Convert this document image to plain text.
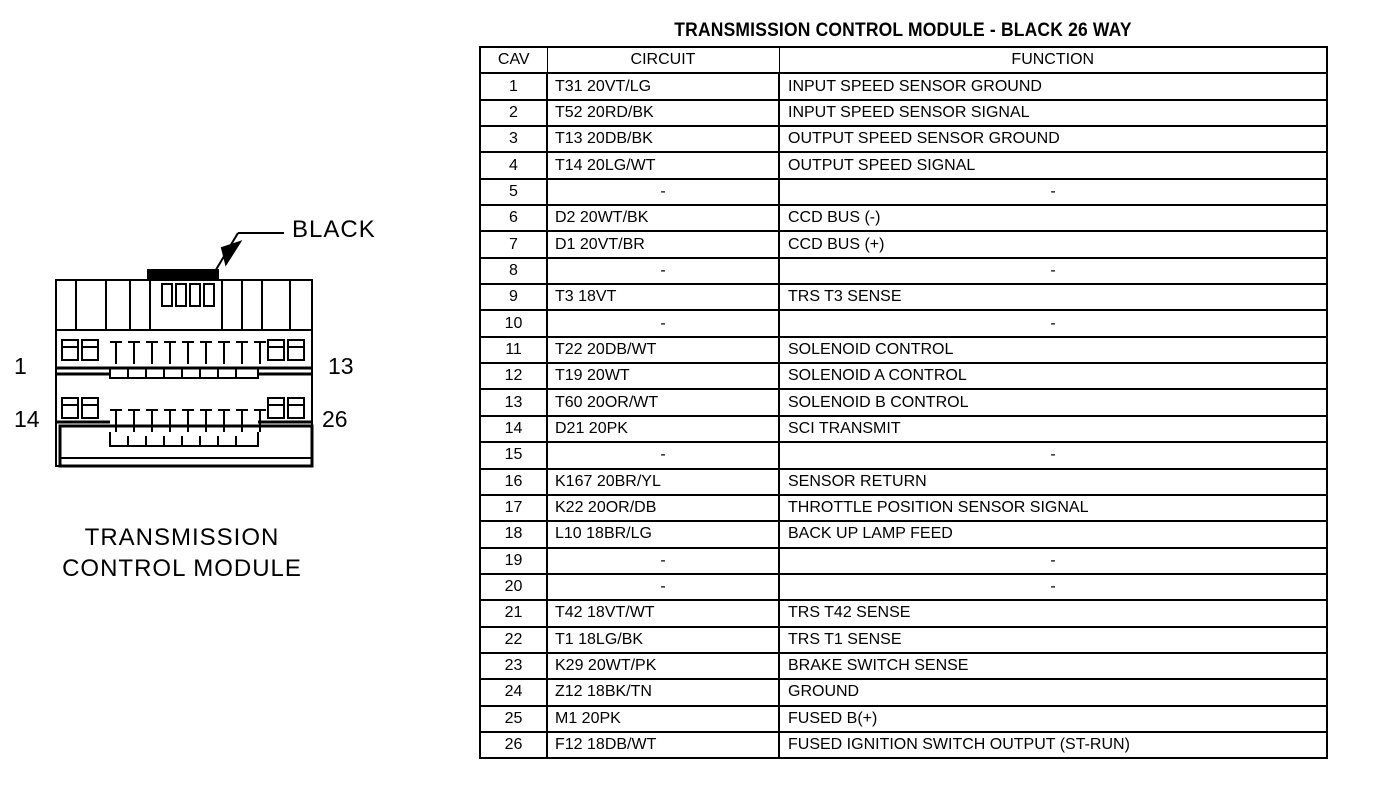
BLACK
1	13
14	26
TRANSMISSION
CONTROL MODULE
TRANSMISSION CONTROL MODULE - BLACK 26 WAY
CAV	CIRCUIT	FUNCTION
1	T31 20VT/LG	INPUT SPEED SENSOR GROUND
2	T52 20RD/BK	INPUT SPEED SENSOR SIGNAL
3	T13 20DB/BK	OUTPUT SPEED SENSOR GROUND
4	T14 20LG/WT	OUTPUT SPEED SIGNAL
5	-	-
6	D2 20WT/BK	CCD BUS (-)
7	D1 20VT/BR	CCD BUS (+)
8	-	-
9	T3 18VT	TRS T3 SENSE
10	-	-
11	T22 20DB/WT	SOLENOID CONTROL
12	T19 20WT	SOLENOID A CONTROL
13	T60 20OR/WT	SOLENOID B CONTROL
14	D21 20PK	SCI TRANSMIT
15	-	-
16	K167 20BR/YL	SENSOR RETURN
17	K22 20OR/DB	THROTTLE POSITION SENSOR SIGNAL
18	L10 18BR/LG	BACK UP LAMP FEED
19	-	-
20	-	-
21	T42 18VT/WT	TRS T42 SENSE
22	T1 18LG/BK	TRS T1 SENSE
23	K29 20WT/PK	BRAKE SWITCH SENSE
24	Z12 18BK/TN	GROUND
25	M1 20PK	FUSED B(+)
26	F12 18DB/WT	FUSED IGNITION SWITCH OUTPUT (ST-RUN)
